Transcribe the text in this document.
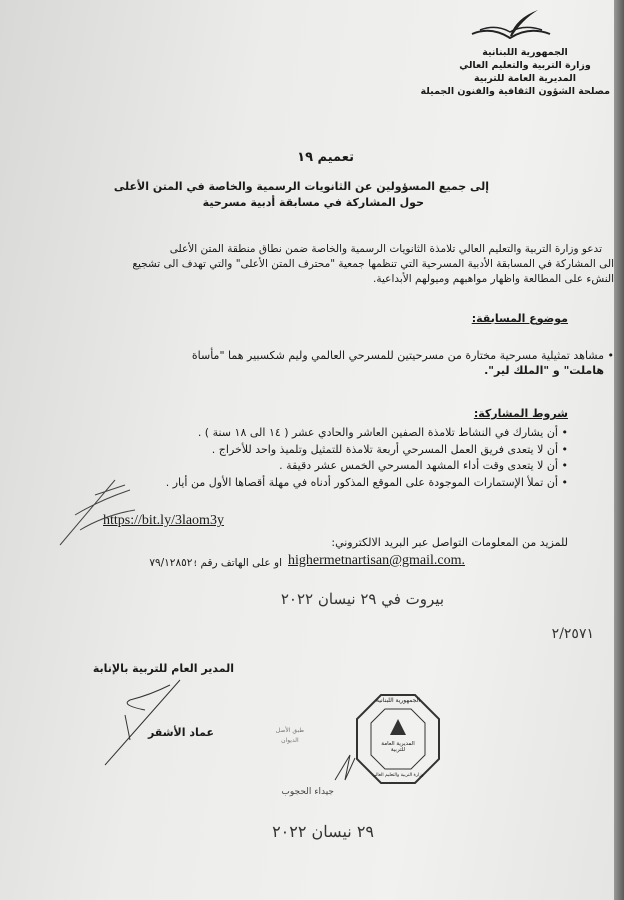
الجمهورية اللبنانية
وزارة التربية والتعليم العالي
المديرية العامة للتربية
مصلحة الشؤون الثقافية والفنون الجميلة
تعميم ١٩
إلى جميع المسؤولين عن الثانويات الرسمية والخاصة في المتن الأعلى
حول المشاركة في مسابقة أدبية مسرحية
تدعو وزارة التربية والتعليم العالي تلامذة الثانويات الرسمية والخاصة ضمن نطاق منطقة المتن الأعلى
الى المشاركة في المسابقة الأدبية المسرحية التي تنظمها جمعية "محترف المتن الأعلى" والتي تهدف الى تشجيع
النشء على المطالعة واظهار مواهبهم وميولهم الأبداعية.
موضوع المسابقة:
• مشاهد تمثيلية مسرحية مختارة من مسرحيتين للمسرحي العالمي وليم شكسبير هما "مأساة
هاملت" و "الملك لير".
شروط المشاركة:
• أن يشارك في النشاط تلامذة الصفين العاشر والحادي عشر ( ١٤ الى ١٨ سنة ) .
• أن لا يتعدى فريق العمل المسرحي أربعة تلامذة للتمثيل وتلميذ واحد للأخراج .
• أن لا يتعدى وقت أداء المشهد المسرحي الخمس عشر دقيقة .
• أن تملأ الإستمارات الموجودة على الموقع المذكور أدناه في مهلة أقصاها الأول من أيار .
https://bit.ly/3laom3y
للمزيد من المعلومات التواصل عبر البريد الالكتروني:
highermetnartisan@gmail.com.
او على الهاتف رقم :
٧٩/١٢٨٥٢٠
بيروت في ٢٩ نيسان ٢٠٢٢
٢/٢٥٧١
المدير العام للتربية بالإنابة
عماد الأشقر	طبق الأصل
الديوان
جيداء الحجوب
الجمهورية اللبنانية
المديرية العامة للتربية
وزارة التربية والتعليم العالي
٢٩ نيسان ٢٠٢٢
